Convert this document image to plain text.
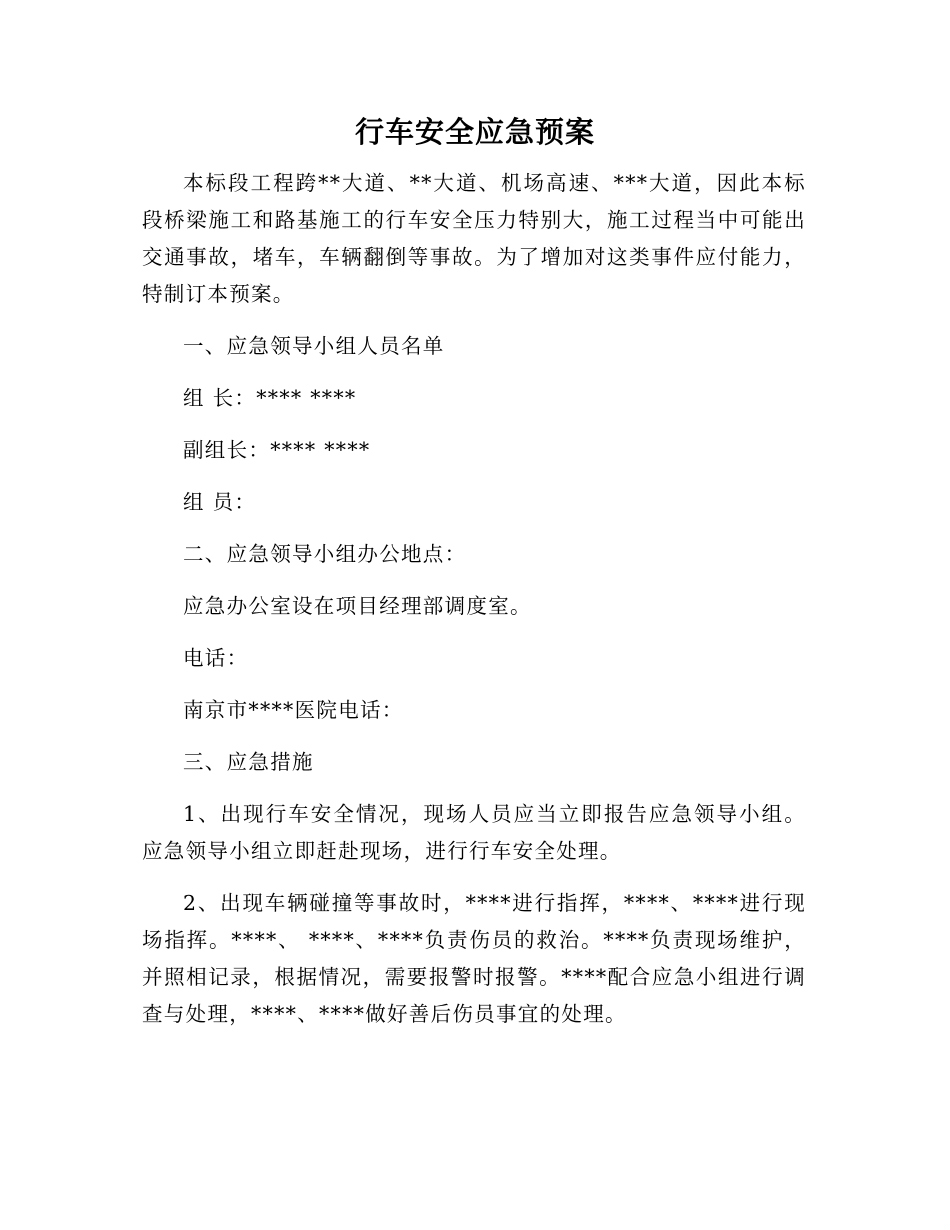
行车安全应急预案

本标段工程跨**大道、**大道、机场高速、***大道，因此本标段桥梁施工和路基施工的行车安全压力特别大，施工过程当中可能出交通事故，堵车，车辆翻倒等事故。为了增加对这类事件应付能力，特制订本预案。

一、应急领导小组人员名单

组 长：**** ****

副组长：**** ****

组 员：

二、应急领导小组办公地点：

应急办公室设在项目经理部调度室。

电话：

南京市****医院电话：

三、应急措施

1、出现行车安全情况，现场人员应当立即报告应急领导小组。应急领导小组立即赶赴现场，进行行车安全处理。

2、出现车辆碰撞等事故时，****进行指挥，****、****进行现场指挥。****、 ****、****负责伤员的救治。****负责现场维护，并照相记录，根据情况，需要报警时报警。****配合应急小组进行调查与处理，****、****做好善后伤员事宜的处理。
